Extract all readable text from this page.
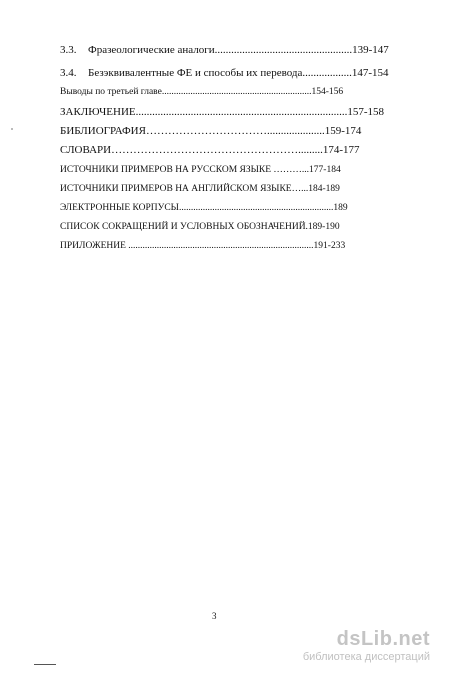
3.3. Фразеологические аналоги..................................................139-147
3.4. Безэквивалентные ФЕ и способы их перевода..................147-154
Выводы по третьей главе...............................................................154-156
ЗАКЛЮЧЕНИЕ.............................................................................157-158
БИБЛИОГРАФИЯ…………………………….....................159-174
СЛОВАРИ…………………………………………….........174-177
ИСТОЧНИКИ ПРИМЕРОВ НА РУССКОМ ЯЗЫКЕ ………...177-184
ИСТОЧНИКИ ПРИМЕРОВ НА АНГЛИЙСКОМ ЯЗЫКЕ…...184-189
ЭЛЕКТРОННЫЕ КОРПУСЫ.................................................................189
СПИСОК СОКРАЩЕНИЙ И УСЛОВНЫХ ОБОЗНАЧЕНИЙ.189-190
ПРИЛОЖЕНИЕ ..............................................................................191-233
3
dsLib.net
библиотека диссертаций
